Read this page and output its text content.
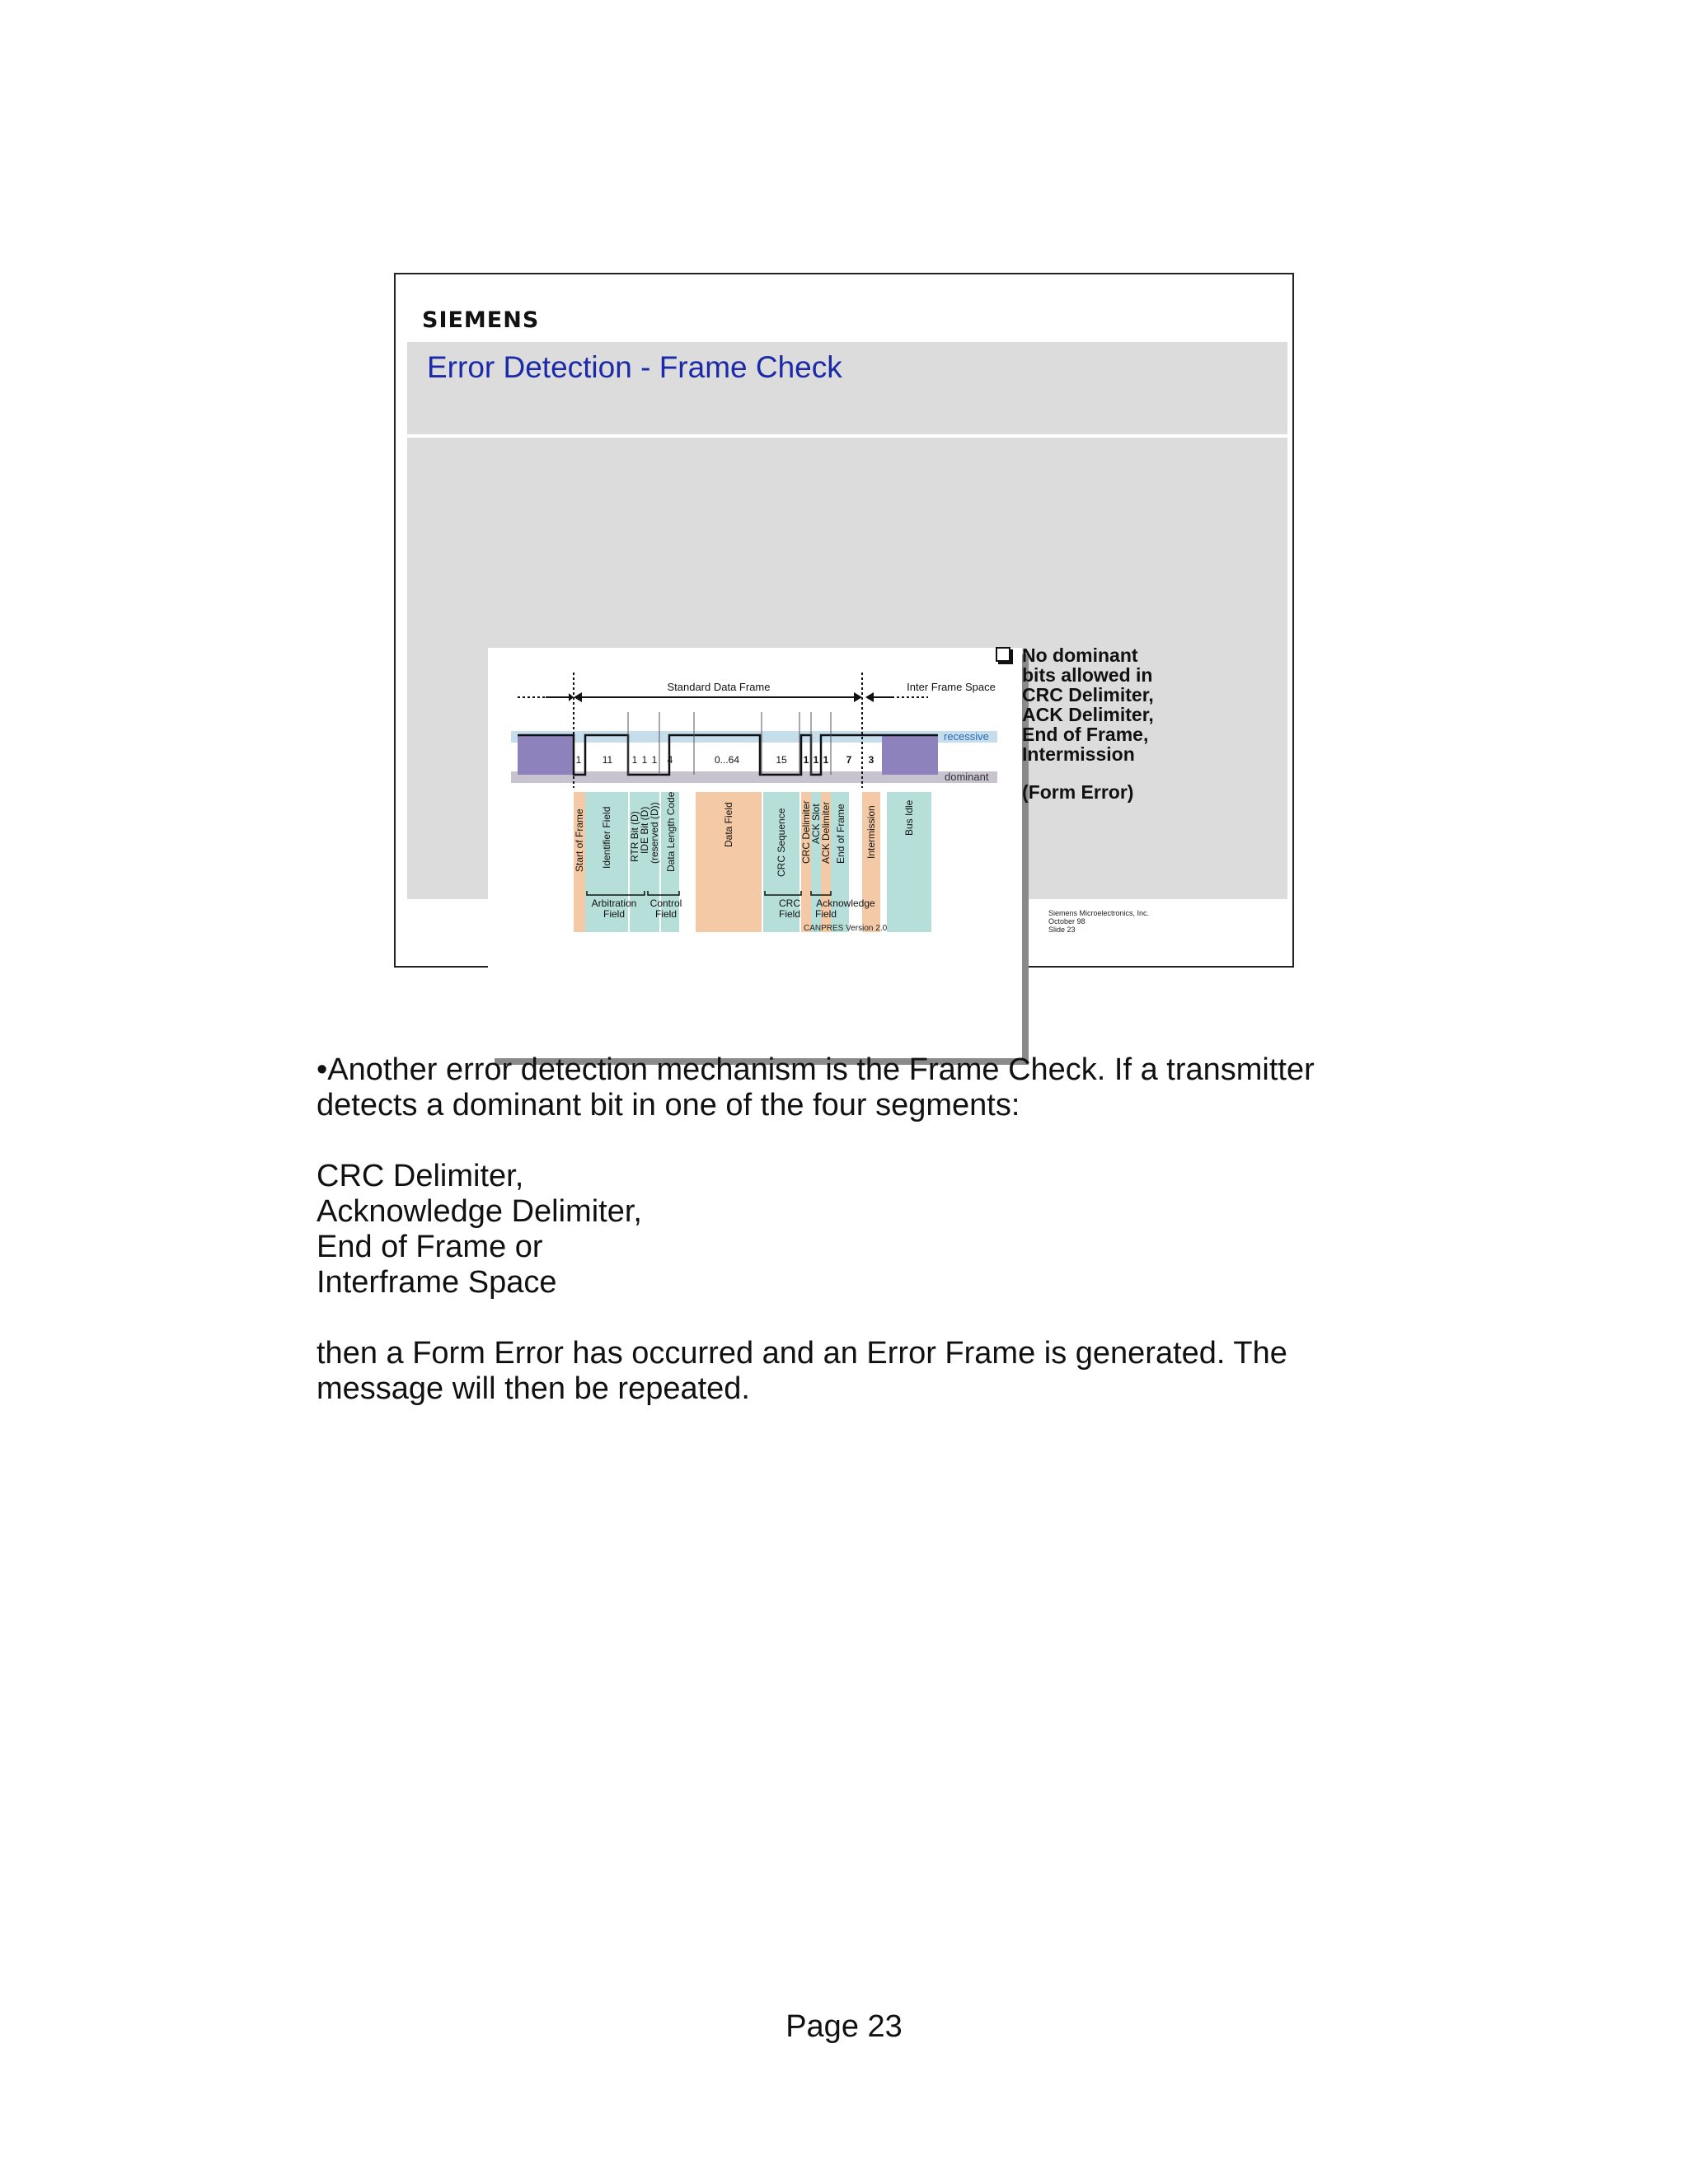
SIEMENS
Error Detection - Frame Check
recessive
dominant
1 11 1 1 1 4	0...64	15 1 1 1 7 3
Standard Data Frame	Inter Frame Space
Start of Frame Identifier Field RTR Bit (D)
IDE Bit (D)
(reserved (D)) Data Length Code	Data Field	CRC Sequence CRC Delimiter
ACK Slot
ACK Delimiter End of Frame Intermission	Bus Idle
Arbitration
Field
Control
Field
CRC
Field
Acknowledge
Field
No dominant
bits allowed in
CRC Delimiter,
ACK Delimiter,
End of Frame,
Intermission
(Form Error)
CANPRES Version 2.0
Siemens Microelectronics, Inc.
October 98
Slide 23

•Another error detection mechanism is the Frame Check. If a transmitter

detects a dominant bit in one of the four segments:

CRC Delimiter,

Acknowledge Delimiter,

End of Frame or

Interframe Space

then a Form Error has occurred and an Error Frame is generated. The

message will then be repeated.

Page 23
